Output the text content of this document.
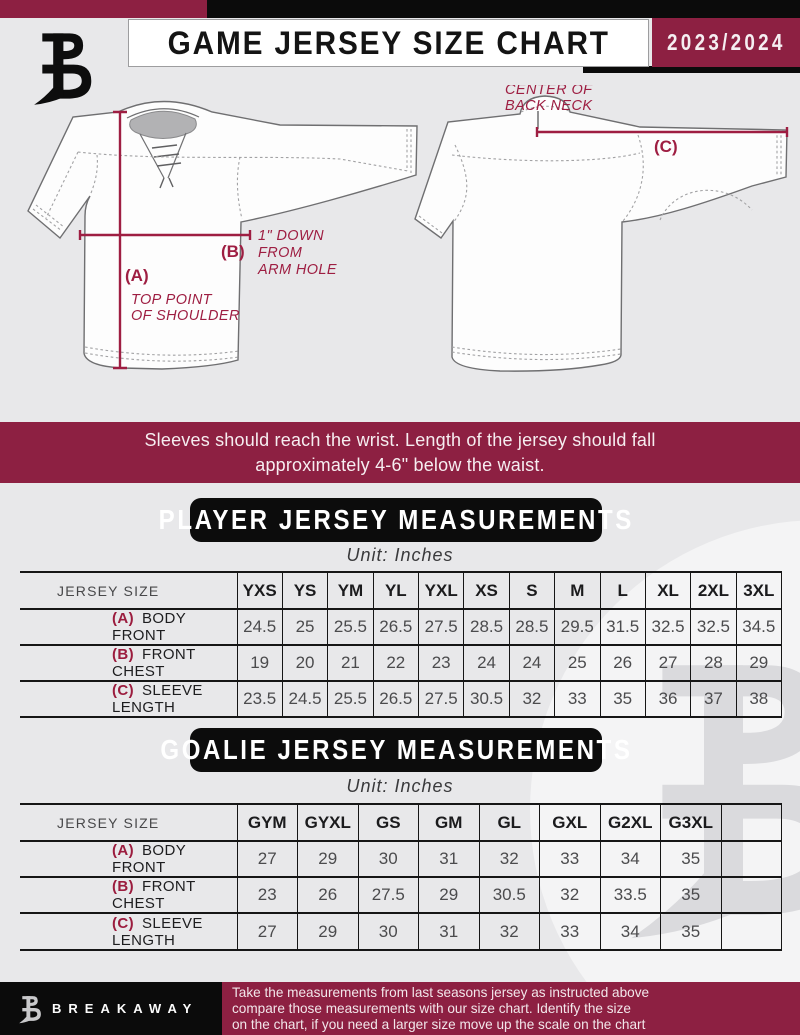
GAME JERSEY SIZE CHART 2023/2024
(B)
1" DOWN
FROM
ARM HOLE
(A)
TOP POINT
OF SHOULDER
CENTER OF
BACK NECK
(C)
Sleeves should reach the wrist. Length of the jersey should fall
approximately 4-6" below the waist.
PLAYER JERSEY MEASUREMENTS
Unit: Inches
JERSEY SIZE	YXS	YS	YM	YL	YXL	XS	S	M	L	XL	2XL	3XL
(A) BODY FRONT	24.5	25	25.5	26.5	27.5	28.5	28.5	29.5	31.5	32.5	32.5	34.5
(B) FRONT CHEST	19	20	21	22	23	24	24	25	26	27	28	29
(C) SLEEVE LENGTH	23.5	24.5	25.5	26.5	27.5	30.5	32	33	35	36	37	38
GOALIE JERSEY MEASUREMENTS
Unit: Inches
JERSEY SIZE	GYM	GYXL	GS	GM	GL	GXL	G2XL	G3XL	
(A) BODY FRONT	27	29	30	31	32	33	34	35	
(B) FRONT CHEST	23	26	27.5	29	30.5	32	33.5	35	
(C) SLEEVE LENGTH	27	29	30	31	32	33	34	35	
BREAKAWAY
Take the measurements from last seasons jersey as instructed above
compare those measurements with our size chart. Identify the size
on the chart, if you need a larger size move up the scale on the chart
